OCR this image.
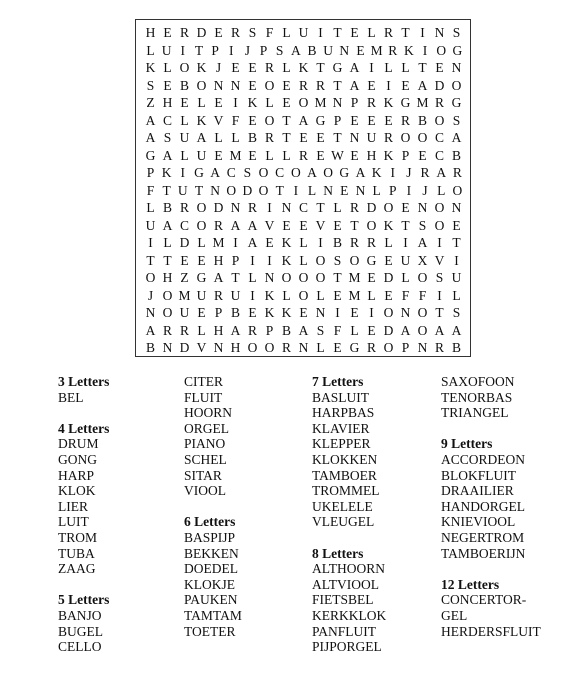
H E R D E R S F L U I T E L R T I N S
L U I T P I J P S A B U N E M R K I O G
K L O K J E E R L K T G A I L L T E N
S E B O N N E O E R R T A E I E A D O
Z H E L E I K L E O M N P R K G M R G
A C L K V F E O T A G P E E E R B O S
A S U A L L B R T E E T N U R O O C A
G A L U E M E L L R E W E H K P E C B
P K I G A C S O C O A O G A K I J R A R
F T U T N O D O T I L N E N L P I J L O
L B R O D N R I N C T L R D O E N O N
U A C O R A A V E E V E T O K T S O E
I L D L M I A E K L I B R R L I A I T
T T E E H P I I K L O S O G E U X V I
O H Z G A T L N O O O T M E D L O S U
J O M U R U I K L O L E M L E F F I L
N O U E P B E K K E N I E I O N O T S
A R R L H A R P B A S F L E D A O A A
B N D V N H O O R N L E G R O P N R B
3 Letters
BEL
4 Letters
DRUM
GONG
HARP
KLOK
LIER
LUIT
TROM
TUBA
ZAAG
5 Letters
BANJO
BUGEL
CELLO
CITER
FLUIT
HOORN
ORGEL
PIANO
SCHEL
SITAR
VIOOL
6 Letters
BASPIJP
BEKKEN
DOEDEL
KLOKJE
PAUKEN
TAMTAM
TOETER
7 Letters
BASLUIT
HARPBAS
KLAVIER
KLEPPER
KLOKKEN
TAMBOER
TROMMEL
UKELELE
VLEUGEL
8 Letters
ALTHOORN
ALTVIOOL
FIETSBEL
KERKKLOK
PANFLUIT
PIJPORGEL
SAXOFOON
TENORBAS
TRIANGEL
9 Letters
ACCORDEON
BLOKFLUIT
DRAAILIER
HANDORGEL
KNIEVIOOL
NEGERTROM
TAMBOERIJN
12 Letters
CONCERTOR-
GEL
HERDERSFLUIT
